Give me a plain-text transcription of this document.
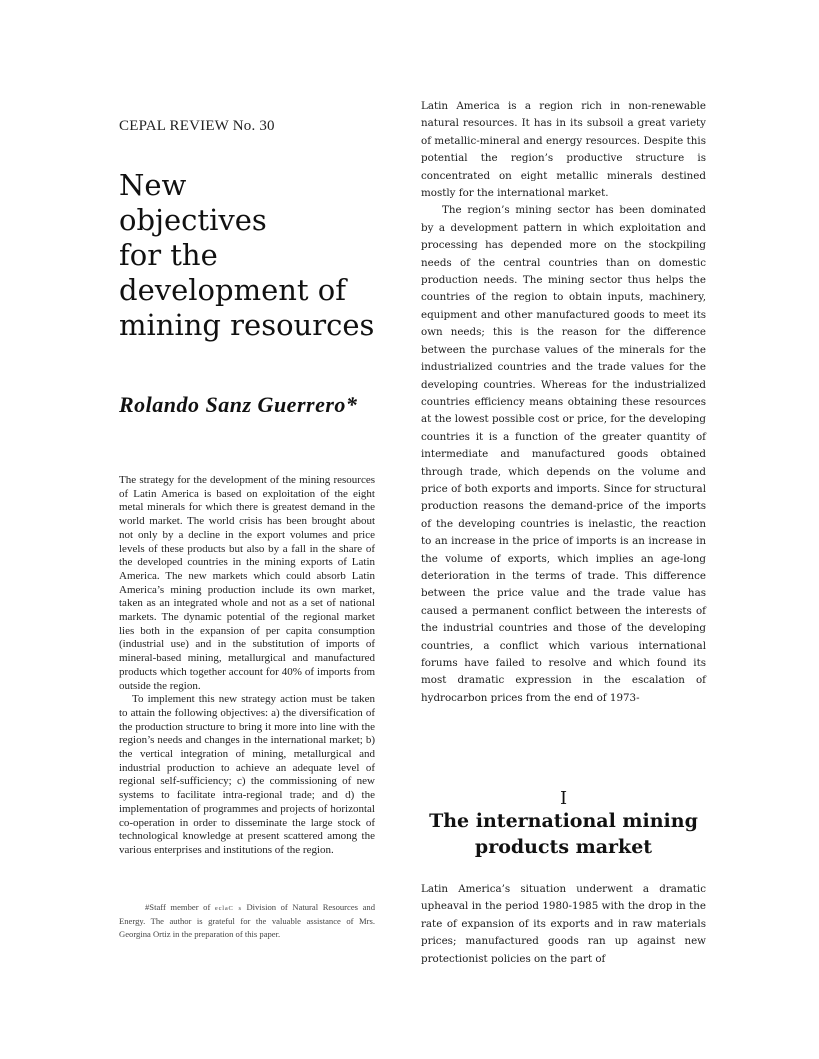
CEPAL REVIEW No. 30
New
objectives
for the
development of
mining resources
Rolando Sanz Guerrero*

The strategy for the development of the mining resources of Latin America is based on exploitation of the eight metal minerals for which there is greatest demand in the world market. The world crisis has been brought about not only by a decline in the export volumes and price levels of these products but also by a fall in the share of the developed countries in the mining exports of Latin America. The new markets which could absorb Latin America’s mining production include its own market, taken as an integrated whole and not as a set of national markets. The dynamic potential of the regional market lies both in the expansion of per capita consumption (industrial use) and in the substitution of imports of mineral-based mining, metallurgical and manufactured products which together account for 40% of imports from outside the region.

To implement this new strategy action must be taken to attain the following objectives: a) the diversification of the production structure to bring it more into line with the region’s needs and changes in the international market; b) the vertical integration of mining, metallurgical and industrial production to achieve an adequate level of regional self-sufficiency; c) the commissioning of new systems to facilitate intra-regional trade; and d) the implementation of programmes and projects of horizontal co-operation in order to disseminate the large stock of technological knowledge at present scattered among the various enterprises and institutions of the region.

#Staff member of eclaC s Division of Natural Resources and Energy. The author is grateful for the valuable assistance of Mrs. Georgina Ortiz in the preparation of this paper.

Latin America is a region rich in non-renewable natural resources. It has in its subsoil a great variety of metallic-mineral and energy resources. Despite this potential the region’s productive structure is concentrated on eight metallic minerals destined mostly for the international market.

The region’s mining sector has been dominated by a development pattern in which exploitation and processing has depended more on the stockpiling needs of the central countries than on domestic production needs. The mining sector thus helps the countries of the region to obtain inputs, machinery, equipment and other manufactured goods to meet its own needs; this is the reason for the difference between the purchase values of the minerals for the industrialized countries and the trade values for the developing countries. Whereas for the industrialized countries efficiency means obtaining these resources at the lowest possible cost or price, for the developing countries it is a function of the greater quantity of intermediate and manufactured goods obtained through trade, which depends on the volume and price of both exports and imports. Since for structural production reasons the demand-price of the imports of the developing countries is inelastic, the reaction to an increase in the price of imports is an increase in the volume of exports, which implies an age-long deterioration in the terms of trade. This difference between the price value and the trade value has caused a permanent conflict between the interests of the industrial countries and those of the developing countries, a conflict which various international forums have failed to resolve and which found its most dramatic expression in the escalation of hydrocarbon prices from the end of 1973-

I
The international mining products market

Latin America’s situation underwent a dramatic upheaval in the period 1980-1985 with the drop in the rate of expansion of its exports and in raw materials prices; manufactured goods ran up against new protectionist policies on the part of
